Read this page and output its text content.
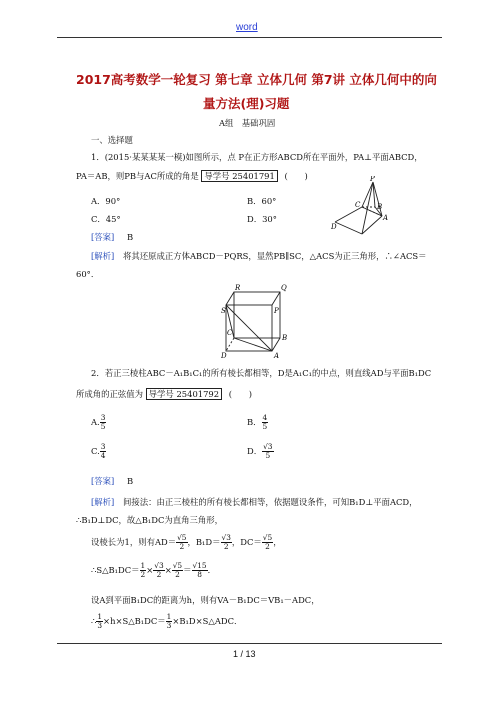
word
2017高考数学一轮复习 第七章 立体几何 第7讲 立体几何中的向
量方法(理)习题
A组　基础巩固
一、选择题
1．(2015·某某某某一模)如图所示，点 P在正方形ABCD所在平面外，PA⊥平面ABCD，
PA＝AB，则PB与AC所成的角是 导学号 25401791 (　　)
A．90°	B．60°
C．45°	D．30°
P
A
B
C
D
[答案] B
[解析] 将其还原成正方体ABCD－PQRS，显然PB∥SC，△ACS为正三角形，∴∠ACS＝
60°．
R	Q
S	P
C
B
D	A
2．若正三棱柱ABC－A₁B₁C₁的所有棱长都相等，D是A₁C₁的中点，则直线AD与平面B₁DC
所成角的正弦值为 导学号 25401792 (　　)
A. $\frac{3}{5}$	B． $\frac{4}{5}$
C. $\frac{3}{4}$	D． $\frac{√3}{5}$
[答案] B
[解析] 间接法：由正三棱柱的所有棱长都相等，依据题设条件，可知B₁D⊥平面ACD，
∴B₁D⊥DC，故△B₁DC为直角三角形，
设棱长为1，则有$AD= \frac{√5}{2}$ ，$B_1D= \frac{√3}{2}$ ，$DC= \frac{√5}{2}$ ，
∴S△B₁DC＝ $\frac{1}{2} \times \frac{√3}{2} \times \frac{√5}{2} = \frac{√15}{8}$ ．
设A到平面B₁DC的距离为h，则有VA－B₁DC＝VB₁－ADC，
∴ $\frac{1}{3}$ ×h×S△B₁DC＝ $\frac{1}{3}$ ×B₁D×S△ADC．
1 / 13
